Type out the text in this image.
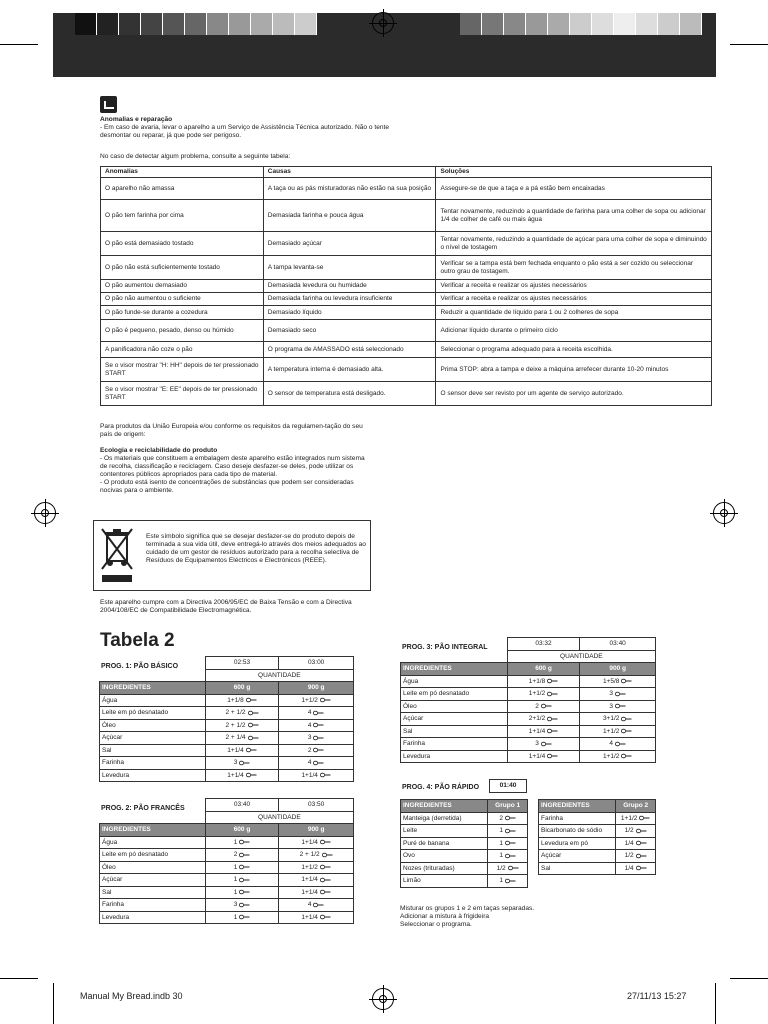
Anomalias e reparação

- Em caso de avaria, levar o aparelho a um Serviço de Assistência Técnica autorizado. Não o tente desmontar ou reparar, já que pode ser perigoso.

No caso de detectar algum problema, consulte a seguinte tabela:

Anomalias	Causas	Soluções
O aparelho não amassa	A taça ou as pás misturadoras não estão na sua posição	Assegure-se de que a taça e a pá estão bem encaixadas
O pão tem farinha por cima	Demasiada farinha e pouca água	Tentar novamente, reduzindo a quantidade de farinha para uma colher de sopa ou adicionar 1/4 de colher de café ou mais água
O pão está demasiado tostado	Demasiado açúcar	Tentar novamente, reduzindo a quantidade de açúcar para uma colher de sopa e diminuindo o nível de tostagem
O pão não está suficientemente tostado	A tampa levanta-se	Verificar se a tampa está bem fechada enquanto o pão está a ser cozido ou seleccionar outro grau de tostagem.
O pão aumentou demasiado	Demasiada levedura ou humidade	Verificar a receita e realizar os ajustes necessários
O pão não aumentou o suficiente	Demasiada farinha ou levedura insuficiente	Verificar a receita e realizar os ajustes necessários
O pão funde-se durante a cozedura	Demasiado líquido	Reduzir a quantidade de líquido para 1 ou 2 colheres de sopa
O pão é pequeno, pesado, denso ou húmido	Demasiado seco	Adicionar líquido durante o primeiro ciclo
A panificadora não coze o pão	O programa de AMASSADO está seleccionado	Seleccionar o programa adequado para a receita escolhida.
Se o visor mostrar "H: HH" depois de ter pressionado START	A temperatura interna é demasiado alta.	Prima STOP: abra a tampa e deixe a máquina arrefecer durante 10-20 minutos
Se o visor mostrar "E: EE" depois de ter pressionado START	O sensor de temperatura está desligado.	O sensor deve ser revisto por um agente de serviço autorizado.

Para produtos da União Europeia e/ou conforme os requisitos da regulamen-tação do seu país de origem:

Ecologia e reciclabilidade do produto

- Os materiais que constituem a embalagem deste aparelho estão integrados num sistema de recolha, classificação e reciclagem. Caso deseje desfazer-se deles, pode utilizar os contentores públicos apropriados para cada tipo de material.

- O produto está isento de concentrações de substâncias que podem ser consideradas nocivas para o ambiente.

Este símbolo significa que se desejar desfazer-se do produto depois de terminada a sua vida útil, deve entregá-lo através dos meios adequados ao cuidado de um gestor de resíduos autorizado para a recolha selectiva de Resíduos de Equipamentos Eléctricos e Electrónicos (REEE).

Este aparelho cumpre com a Directiva 2006/95/EC de Baixa Tensão e com a Directiva 2004/108/EC de Compatibilidade Electromagnética.

Tabela 2
PROG. 1: PÃO BÁSICO
	02:53	03:00
	QUANTIDADE	
INGREDIENTES	600 g	900 g
Água	1+1/8	1+1/2
Leite em pó desnatado	2 + 1/2	4
Óleo	2 + 1/2	4
Açúcar	2 + 1/4	3
Sal	1+1/4	2
Farinha	3	4
Levedura	1+1/4	1+1/4
PROG. 2: PÃO FRANCÊS
	03:40	03:50
	QUANTIDADE	
INGREDIENTES	600 g	900 g
Água	1	1+1/4
Leite em pó desnatado	2	2 + 1/2
Óleo	1	1+1/2
Açúcar	1	1+1/4
Sal	1	1+1/4
Farinha	3	4
Levedura	1	1+1/4
PROG. 3: PÃO INTEGRAL
	03:32	03:40
	QUANTIDADE	
INGREDIENTES	600 g	900 g
Água	1+1/8	1+5/8
Leite em pó desnatado	1+1/2	3
Óleo	2	3
Açúcar	2+1/2	3+1/2
Sal	1+1/4	1+1/2
Farinha	3	4
Levedura	1+1/4	1+1/2
PROG. 4: PÃO RÁPIDO	01:40
INGREDIENTES	Grupo 1
Manteiga (derretida)	2
Leite	1
Puré de banana	1
Ovo	1
Nozes (trituradas)	1/2
Limão	1
INGREDIENTES	Grupo 2
Farinha	1+1/2
Bicarbonato de sódio	1/2
Levedura em pó	1/4
Açúcar	1/2
Sal	1/4

Misturar os grupos 1 e 2 em taças separadas.

Adicionar a mistura à frigideira

Seleccionar o programa.

Manual My Bread.indb 30	27/11/13 15:27
